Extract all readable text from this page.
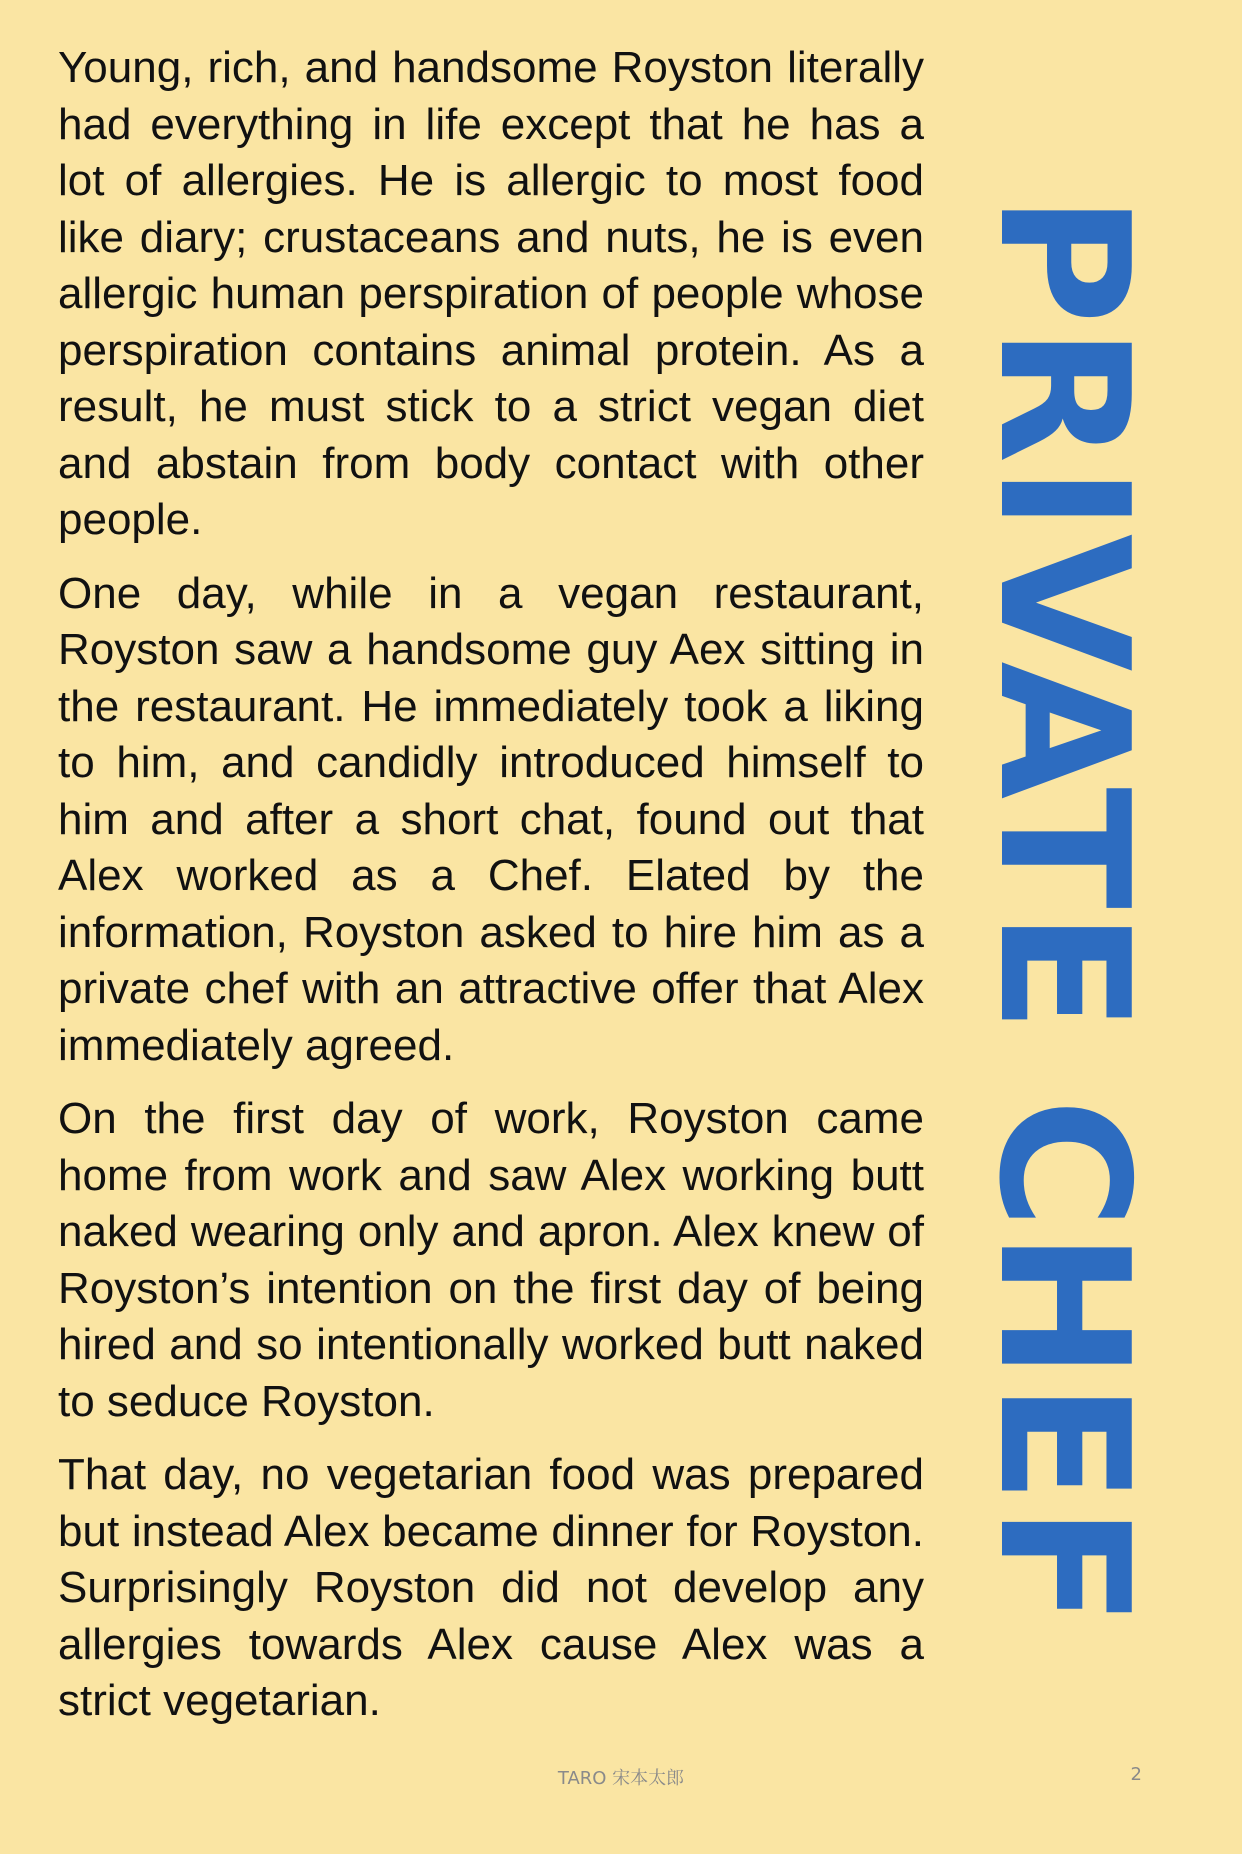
Young, rich, and handsome Royston literally had everything in life except that he has a lot of allergies. He is allergic to most food like diary; crustaceans and nuts, he is even allergic human perspiration of people whose perspiration contains animal protein. As a result, he must stick to a strict vegan diet and abstain from body contact with other people.

One day, while in a vegan restaurant, Royston saw a handsome guy Aex sitting in the restaurant. He immediately took a liking to him, and candidly introduced himself to him and after a short chat, found out that Alex worked as a Chef. Elated by the information, Royston asked to hire him as a private chef with an attractive offer that Alex immediately agreed.

On the first day of work, Royston came home from work and saw Alex working butt naked wearing only and apron. Alex knew of Royston’s intention on the first day of being hired and so intentionally worked butt naked to seduce Royston.

That day, no vegetarian food was prepared but instead Alex became dinner for Royston. Surprisingly Royston did not develop any allergies towards Alex cause Alex was a strict vegetarian.

PRIVATE CHEF
TARO 宋本太郎	2
